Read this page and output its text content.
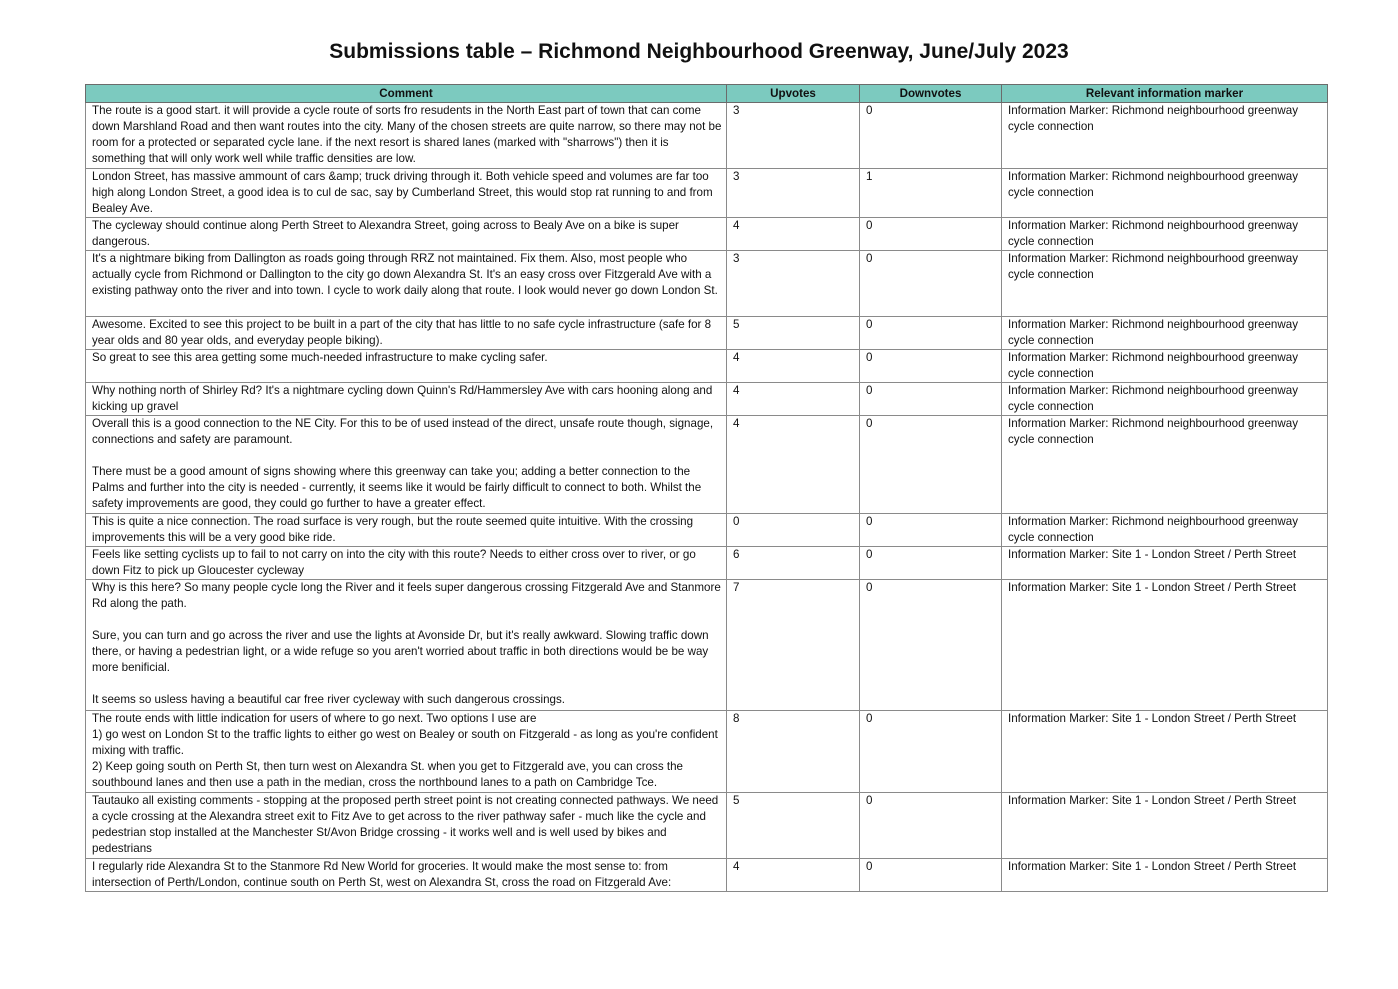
Submissions table – Richmond Neighbourhood Greenway, June/July 2023
Comment	Upvotes	Downvotes	Relevant information marker
The route is a good start. it will provide a cycle route of sorts fro resudents in the North East part of town that can come down Marshland Road and then want routes into the city. Many of the chosen streets are quite narrow, so there may not be room for a protected or separated cycle lane. if the next resort is shared lanes (marked with "sharrows") then it is something that will only work well while traffic densities are low.	3	0	Information Marker: Richmond neighbourhood greenway cycle connection
London Street, has massive ammount of cars &amp; truck driving through it. Both vehicle speed and volumes are far too high along London Street, a good idea is to cul de sac, say by Cumberland Street, this would stop rat running to and from Bealey Ave.	3	1	Information Marker: Richmond neighbourhood greenway cycle connection
The cycleway should continue along Perth Street to Alexandra Street, going across to Bealy Ave on a bike is super dangerous.	4	0	Information Marker: Richmond neighbourhood greenway cycle connection
It's a nightmare biking from Dallington as roads going through RRZ not maintained. Fix them. Also, most people who actually cycle from Richmond or Dallington to the city go down Alexandra St. It's an easy cross over Fitzgerald Ave with a existing pathway onto the river and into town. I cycle to work daily along that route. I look would never go down London St.	3	0	Information Marker: Richmond neighbourhood greenway cycle connection
Awesome. Excited to see this project to be built in a part of the city that has little to no safe cycle infrastructure (safe for 8 year olds and 80 year olds, and everyday people biking).	5	0	Information Marker: Richmond neighbourhood greenway cycle connection
So great to see this area getting some much-needed infrastructure to make cycling safer.	4	0	Information Marker: Richmond neighbourhood greenway cycle connection
Why nothing north of Shirley Rd? It's a nightmare cycling down Quinn's Rd/Hammersley Ave with cars hooning along and kicking up gravel	4	0	Information Marker: Richmond neighbourhood greenway cycle connection
Overall this is a good connection to the NE City. For this to be of used instead of the direct, unsafe route though, signage, connections and safety are paramount.

There must be a good amount of signs showing where this greenway can take you; adding a better connection to the Palms and further into the city is needed - currently, it seems like it would be fairly difficult to connect to both. Whilst the safety improvements are good, they could go further to have a greater effect.	4	0	Information Marker: Richmond neighbourhood greenway cycle connection
This is quite a nice connection. The road surface is very rough, but the route seemed quite intuitive. With the crossing improvements this will be a very good bike ride.	0	0	Information Marker: Richmond neighbourhood greenway cycle connection
Feels like setting cyclists up to fail to not carry on into the city with this route? Needs to either cross over to river, or go down Fitz to pick up Gloucester cycleway	6	0	Information Marker: Site 1 - London Street / Perth Street
Why is this here? So many people cycle long the River and it feels super dangerous crossing Fitzgerald Ave and Stanmore Rd along the path.

Sure, you can turn and go across the river and use the lights at Avonside Dr, but it's really awkward. Slowing traffic down there, or having a pedestrian light, or a wide refuge so you aren't worried about traffic in both directions would be be way more benificial.

It seems so usless having a beautiful car free river cycleway with such dangerous crossings.	7	0	Information Marker: Site 1 - London Street / Perth Street
The route ends with little indication for users of where to go next. Two options I use are
1) go west on London St to the traffic lights to either go west on Bealey or south on Fitzgerald - as long as you're confident mixing with traffic.
2) Keep going south on Perth St, then turn west on Alexandra St. when you get to Fitzgerald ave, you can cross the southbound lanes and then use a path in the median, cross the northbound lanes to a path on Cambridge Tce.	8	0	Information Marker: Site 1 - London Street / Perth Street
Tautauko all existing comments - stopping at the proposed perth street point is not creating connected pathways. We need a cycle crossing at the Alexandra street exit to Fitz Ave to get across to the river pathway safer - much like the cycle and pedestrian stop installed at the Manchester St/Avon Bridge crossing - it works well and is well used by bikes and pedestrians	5	0	Information Marker: Site 1 - London Street / Perth Street
I regularly ride Alexandra St to the Stanmore Rd New World for groceries. It would make the most sense to: from intersection of Perth/London, continue south on Perth St, west on Alexandra St, cross the road on Fitzgerald Ave:	4	0	Information Marker: Site 1 - London Street / Perth Street
